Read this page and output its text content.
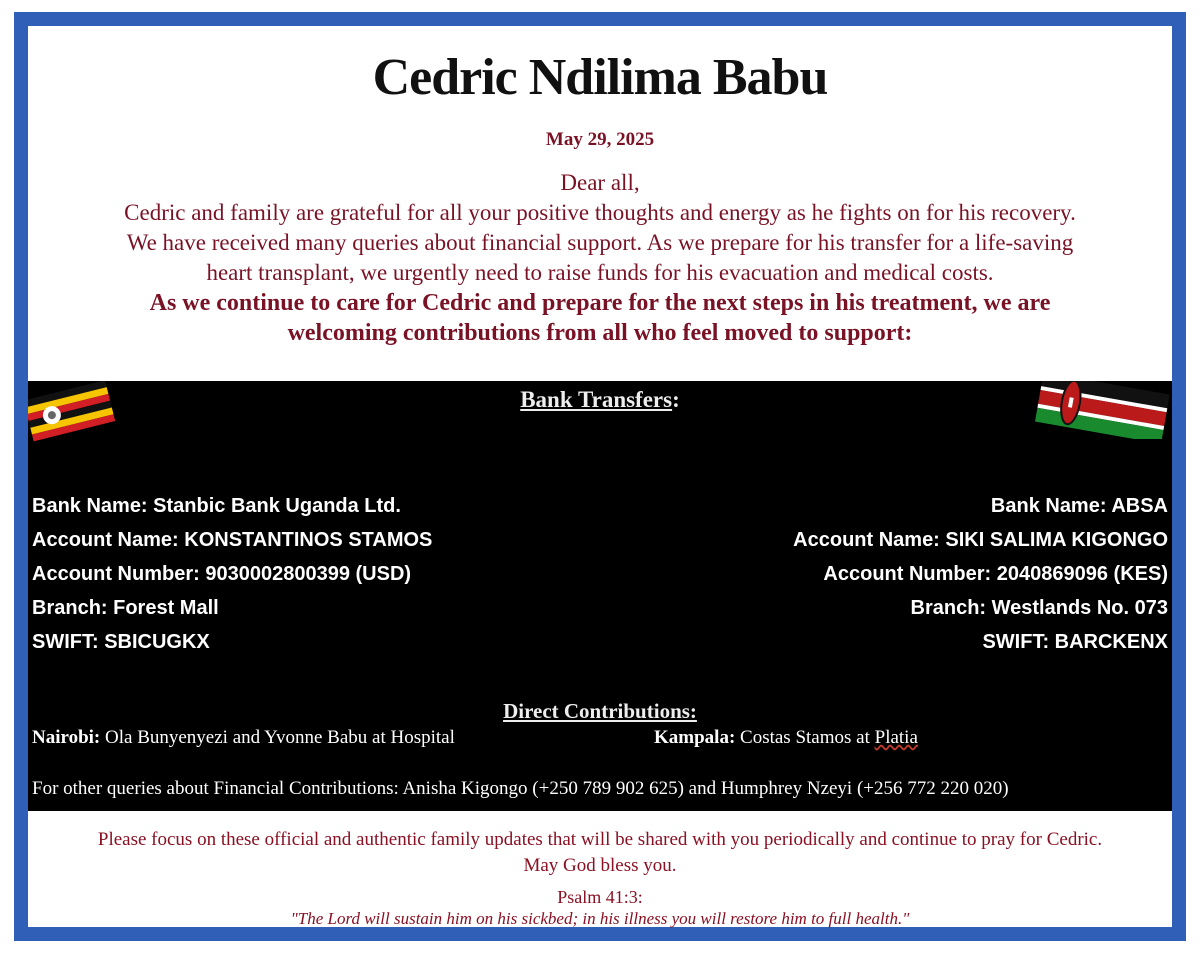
Cedric Ndilima Babu
May 29, 2025
Dear all,
Cedric and family are grateful for all your positive thoughts and energy as he fights on for his recovery.
We have received many queries about financial support. As we prepare for his transfer for a life-saving
heart transplant, we urgently need to raise funds for his evacuation and medical costs.
As we continue to care for Cedric and prepare for the next steps in his treatment, we are
welcoming contributions from all who feel moved to support:
Bank Transfers:
Bank Name: Stanbic Bank Uganda Ltd.
Account Name: KONSTANTINOS STAMOS
Account Number: 9030002800399 (USD)
Branch: Forest Mall
SWIFT: SBICUGKX
Bank Name: ABSA
Account Name: SIKI SALIMA KIGONGO
Account Number: 2040869096 (KES)
Branch: Westlands No. 073
SWIFT: BARCKENX
Direct Contributions:
Nairobi: Ola Bunyenyezi and Yvonne Babu at Hospital	Kampala: Costas Stamos at Platia
For other queries about Financial Contributions: Anisha Kigongo (+250 789 902 625) and Humphrey Nzeyi (+256 772 220 020)
Please focus on these official and authentic family updates that will be shared with you periodically and continue to pray for Cedric.
May God bless you.
Psalm 41:3:
"The Lord will sustain him on his sickbed; in his illness you will restore him to full health."
